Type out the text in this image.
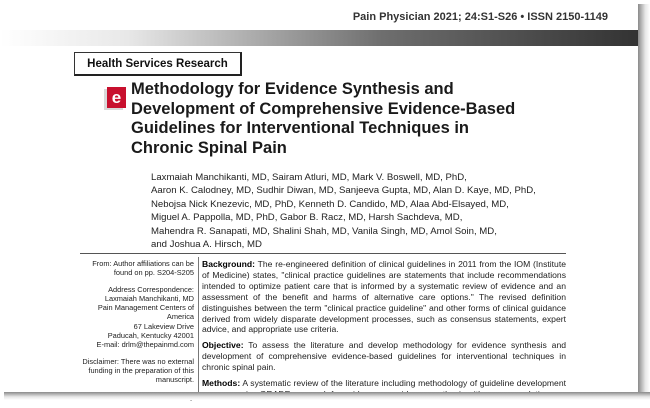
Pain Physician 2021; 24:S1-S26 • ISSN 2150-1149
Health Services Research
e Methodology for Evidence Synthesis and
Development of Comprehensive Evidence-Based
Guidelines for Interventional Techniques in
Chronic Spinal Pain

Laxmaiah Manchikanti, MD, Sairam Atluri, MD, Mark V. Boswell, MD, PhD,
Aaron K. Calodney, MD, Sudhir Diwan, MD, Sanjeeva Gupta, MD, Alan D. Kaye, MD, PhD,
Nebojsa Nick Knezevic, MD, PhD, Kenneth D. Candido, MD, Alaa Abd-Elsayed, MD,
Miguel A. Pappolla, MD, PhD, Gabor B. Racz, MD, Harsh Sachdeva, MD,
Mahendra R. Sanapati, MD, Shalini Shah, MD, Vanila Singh, MD, Amol Soin, MD,
and Joshua A. Hirsch, MD

From: Author affiliations can be found on pp. S204-S205

Address Correspondence:
Laxmaiah Manchikanti, MD
Pain Management Centers of
America
67 Lakeview Drive
Paducah, Kentucky 42001
E-mail: drlm@thepainmd.com

Disclaimer: There was no external funding in the preparation of this manuscript.

Background: The re-engineered definition of clinical guidelines in 2011 from the IOM (Institute of Medicine) states, "clinical practice guidelines are statements that include recommendations intended to optimize patient care that is informed by a systematic review of evidence and an assessment of the benefit and harms of alternative care options." The revised definition distinguishes between the term "clinical practice guideline" and other forms of clinical guidance derived from widely disparate development processes, such as consensus statements, expert advice, and appropriate use criteria.

Objective: To assess the literature and develop methodology for evidence synthesis and development of comprehensive evidence-based guidelines for interventional techniques in chronic spinal pain.

Methods: A systematic review of the literature including methodology of guideline development
